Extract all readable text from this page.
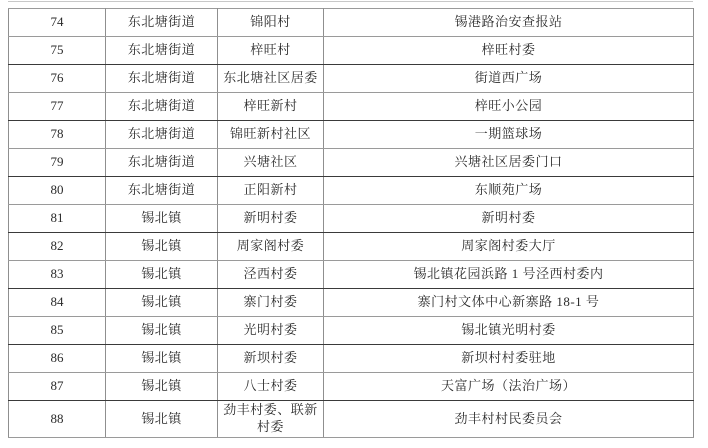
74	东北塘街道	锦阳村	锡港路治安查报站
75	东北塘街道	梓旺村	梓旺村委
76	东北塘街道	东北塘社区居委	街道西广场
77	东北塘街道	梓旺新村	梓旺小公园
78	东北塘街道	锦旺新村社区	一期篮球场
79	东北塘街道	兴塘社区	兴塘社区居委门口
80	东北塘街道	正阳新村	东顺苑广场
81	锡北镇	新明村委	新明村委
82	锡北镇	周家阁村委	周家阁村委大厅
83	锡北镇	泾西村委	锡北镇花园浜路 1 号泾西村委内
84	锡北镇	寨门村委	寨门村文体中心新寨路 18-1 号
85	锡北镇	光明村委	锡北镇光明村委
86	锡北镇	新坝村委	新坝村村委驻地
87	锡北镇	八士村委	天富广场（法治广场）
88	锡北镇	劲丰村委、联新村委	劲丰村村民委员会
